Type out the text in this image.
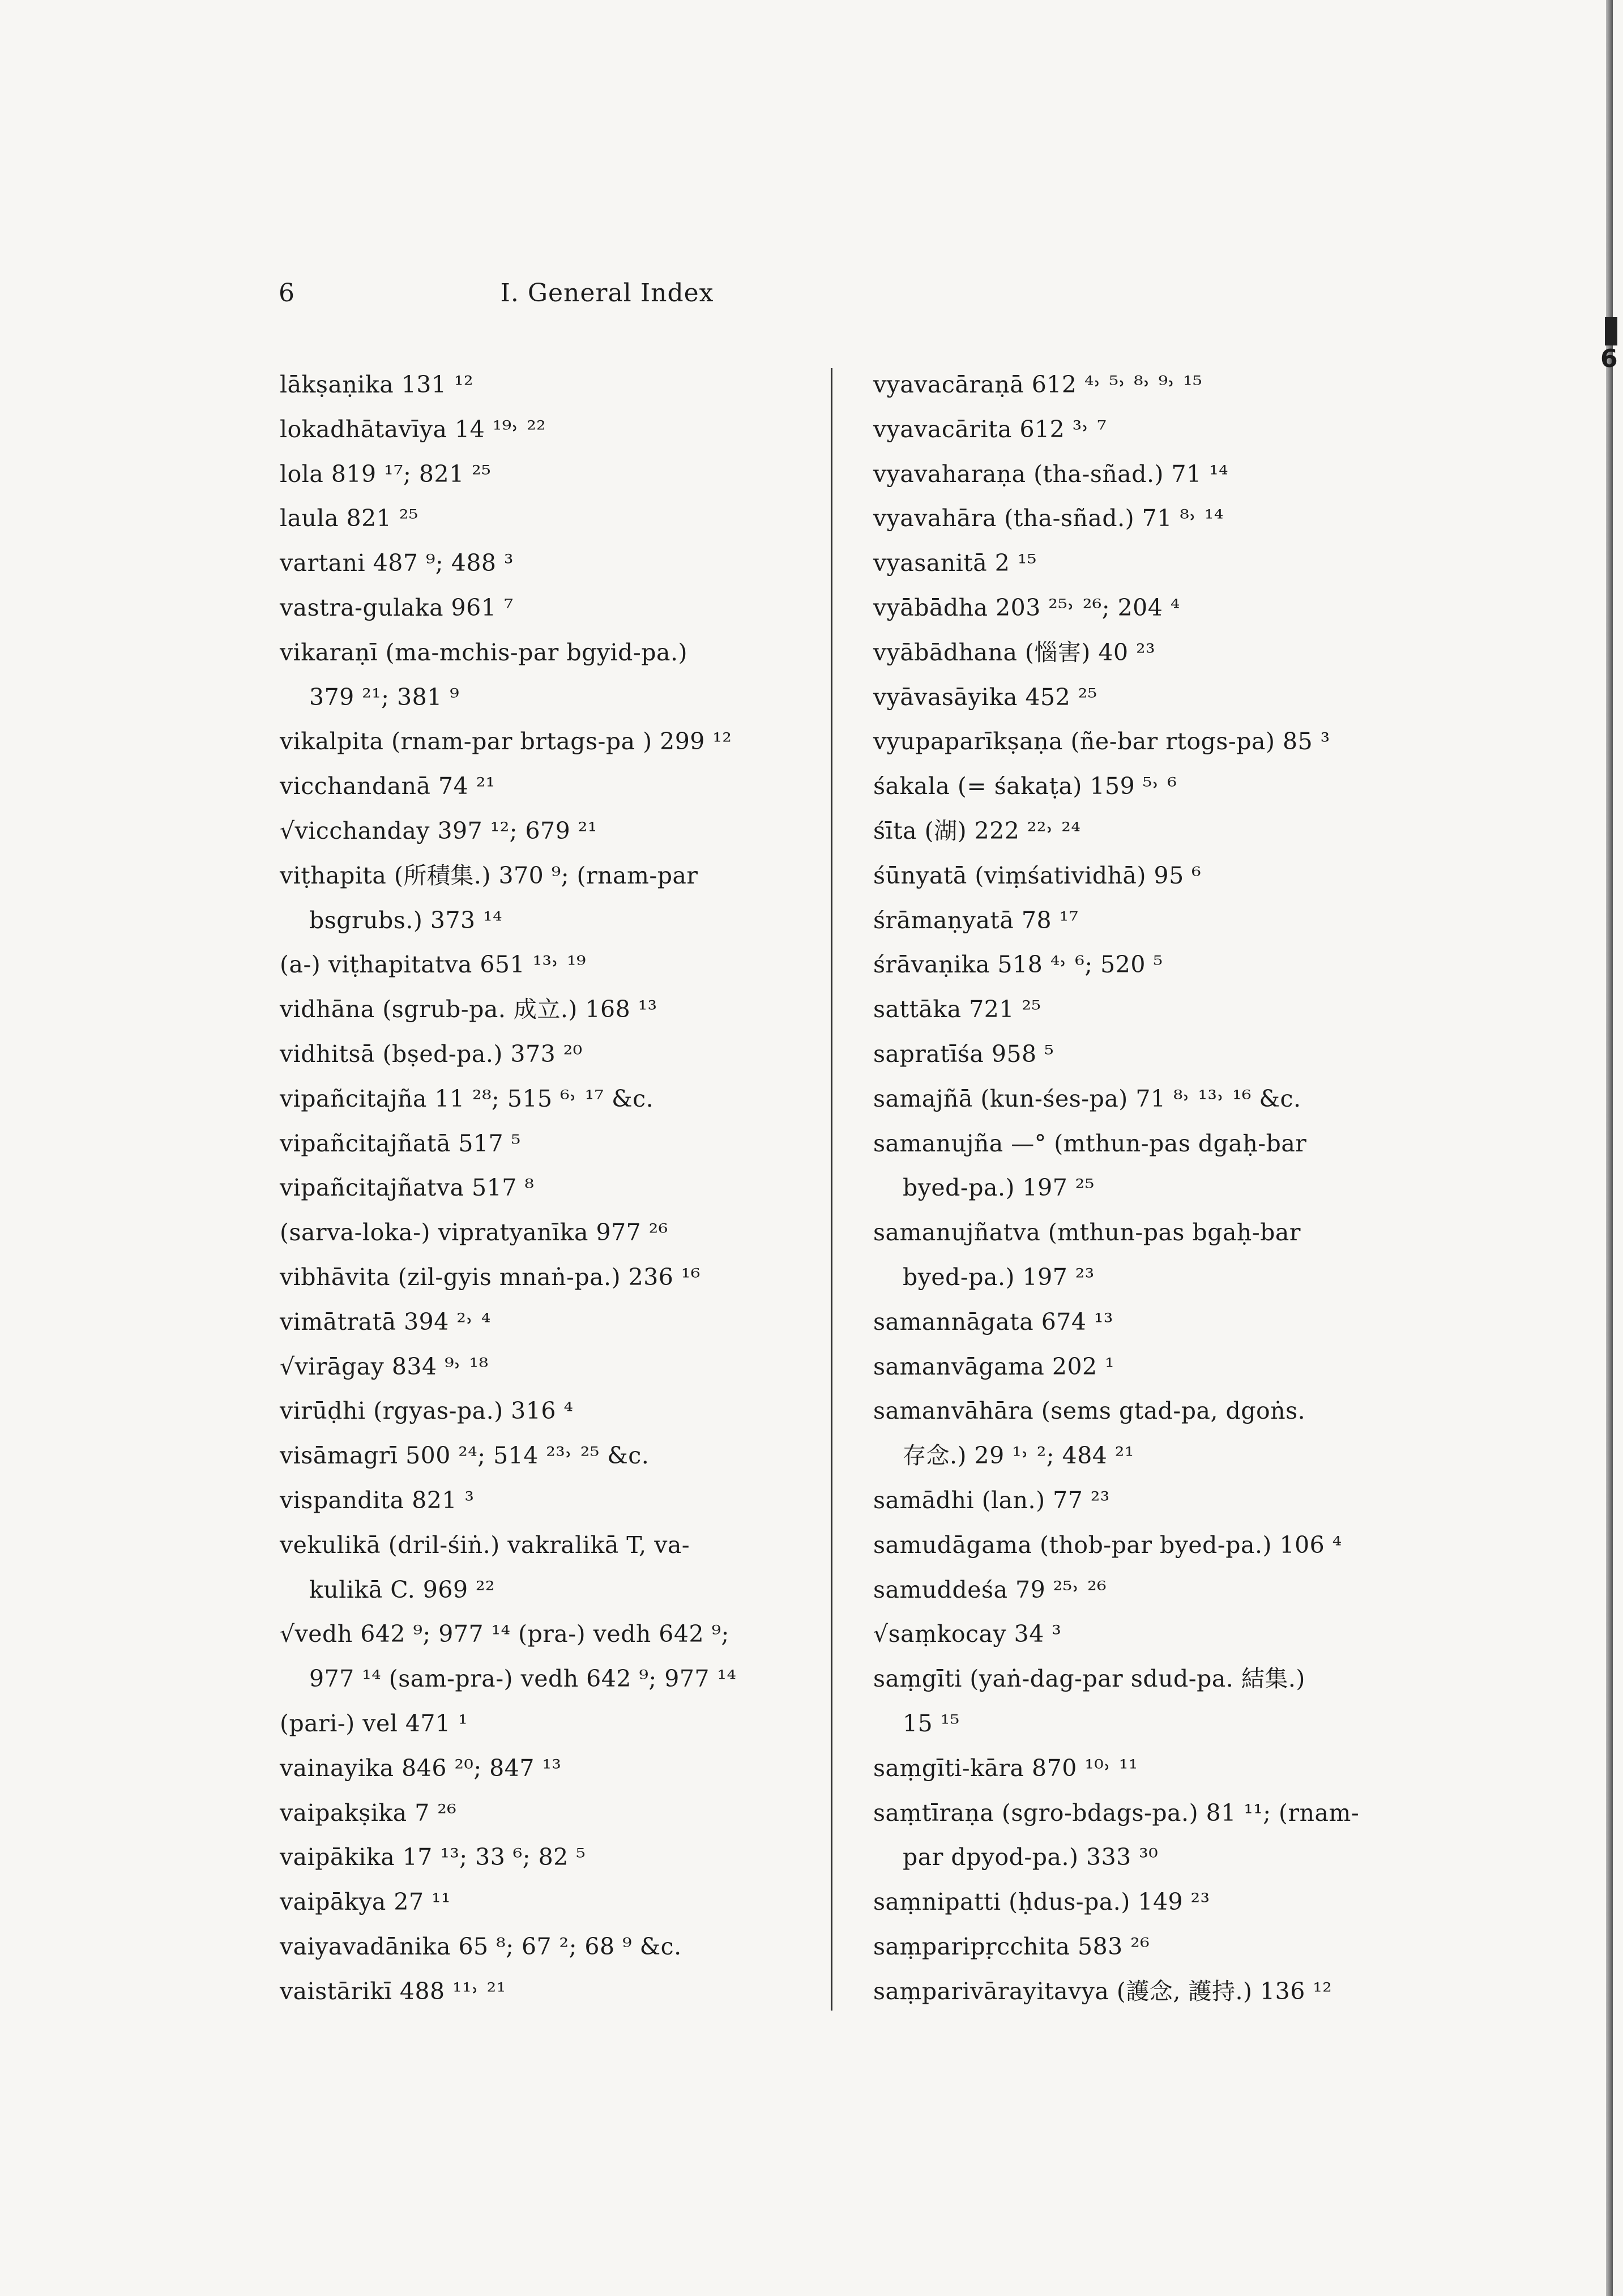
6	I. General Index
lākṣaṇika 131 ¹²
lokadhātavīya 14 ¹⁹˒ ²²
lola 819 ¹⁷; 821 ²⁵
laula 821 ²⁵
vartani 487 ⁹; 488 ³
vastra-gulaka 961 ⁷
vikaraṇī (ma-mchis-par bgyid-pa.)
379 ²¹; 381 ⁹
vikalpita (rnam-par brtags-pa ) 299 ¹²
vicchandanā 74 ²¹
√vicchanday 397 ¹²; 679 ²¹
viṭhapita (所積集.) 370 ⁹; (rnam-par
bsgrubs.) 373 ¹⁴
(a-) viṭhapitatva 651 ¹³˒ ¹⁹
vidhāna (sgrub-pa. 成立.) 168 ¹³
vidhitsā (bṣed-pa.) 373 ²⁰
vipañcitajña 11 ²⁸; 515 ⁶˒ ¹⁷ &c.
vipañcitajñatā 517 ⁵
vipañcitajñatva 517 ⁸
(sarva-loka-) vipratyanīka 977 ²⁶
vibhāvita (zil-gyis mnaṅ-pa.) 236 ¹⁶
vimātratā 394 ²˒ ⁴
√virāgay 834 ⁹˒ ¹⁸
virūḍhi (rgyas-pa.) 316 ⁴
visāmagrī 500 ²⁴; 514 ²³˒ ²⁵ &c.
vispandita 821 ³
vekulikā (dril-śiṅ.) vakralikā T, va-
kulikā C. 969 ²²
√vedh 642 ⁹; 977 ¹⁴ (pra-) vedh 642 ⁹;
977 ¹⁴ (sam-pra-) vedh 642 ⁹; 977 ¹⁴
(pari-) vel 471 ¹
vainayika 846 ²⁰; 847 ¹³
vaipakṣika 7 ²⁶
vaipākika 17 ¹³; 33 ⁶; 82 ⁵
vaipākya 27 ¹¹
vaiyavadānika 65 ⁸; 67 ²; 68 ⁹ &c.
vaistārikī 488 ¹¹˒ ²¹
vyavacāraṇā 612 ⁴˒ ⁵˒ ⁸˒ ⁹˒ ¹⁵
vyavacārita 612 ³˒ ⁷
vyavaharaṇa (tha-sñad.) 71 ¹⁴
vyavahāra (tha-sñad.) 71 ⁸˒ ¹⁴
vyasanitā 2 ¹⁵
vyābādha 203 ²⁵˒ ²⁶; 204 ⁴
vyābādhana (惱害) 40 ²³
vyāvasāyika 452 ²⁵
vyupaparīkṣaṇa (ñe-bar rtogs-pa) 85 ³
śakala (= śakaṭa) 159 ⁵˒ ⁶
śīta (湖) 222 ²²˒ ²⁴
śūnyatā (viṃśatividhā) 95 ⁶
śrāmaṇyatā 78 ¹⁷
śrāvaṇika 518 ⁴˒ ⁶; 520 ⁵
sattāka 721 ²⁵
sapratīśa 958 ⁵
samajñā (kun-śes-pa) 71 ⁸˒ ¹³˒ ¹⁶ &c.
samanujña —° (mthun-pas dgaḥ-bar
byed-pa.) 197 ²⁵
samanujñatva (mthun-pas bgaḥ-bar
byed-pa.) 197 ²³
samannāgata 674 ¹³
samanvāgama 202 ¹
samanvāhāra (sems gtad-pa, dgoṅs.
存念.) 29 ¹˒ ²; 484 ²¹
samādhi (lan.) 77 ²³
samudāgama (thob-par byed-pa.) 106 ⁴
samuddeśa 79 ²⁵˒ ²⁶
√saṃkocay 34 ³
saṃgīti (yaṅ-dag-par sdud-pa. 結集.)
15 ¹⁵
saṃgīti-kāra 870 ¹⁰˒ ¹¹
saṃtīraṇa (sgro-bdags-pa.) 81 ¹¹; (rnam-
par dpyod-pa.) 333 ³⁰
saṃnipatti (ḥdus-pa.) 149 ²³
saṃparipṛcchita 583 ²⁶
saṃparivārayitavya (護念, 護持.) 136 ¹²
6
